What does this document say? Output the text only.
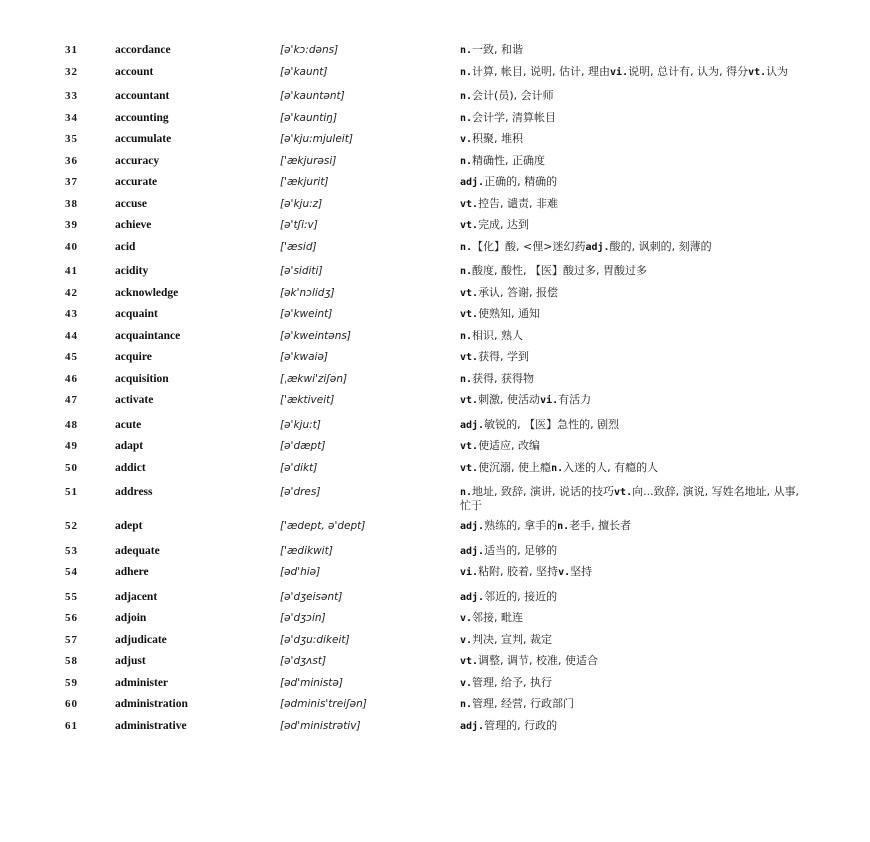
31	accordance	[ə'kɔ:dəns]	n.一致, 和谐
32	account	[ə'kaunt]	n.计算, 帐目, 说明, 估计, 理由vi.说明, 总计有, 认为, 得分vt.认为
33	accountant	[ə'kauntənt]	n.会计(员), 会计师
34	accounting	[ə'kauntiŋ]	n.会计学, 清算帐目
35	accumulate	[ə'kju:mjuleit]	v.积聚, 堆积
36	accuracy	['ækjurəsi]	n.精确性, 正确度
37	accurate	['ækjurit]	adj.正确的, 精确的
38	accuse	[ə'kju:z]	vt.控告, 谴责, 非难
39	achieve	[ə'tʃi:v]	vt.完成, 达到
40	acid	['æsid]	n.【化】酸, <俚>迷幻药adj.酸的, 讽刺的, 刻薄的
41	acidity	[ə'siditi]	n.酸度, 酸性, 【医】酸过多, 胃酸过多
42	acknowledge	[ək'nɔlidʒ]	vt.承认, 答谢, 报偿
43	acquaint	[ə'kweint]	vt.使熟知, 通知
44	acquaintance	[ə'kweintəns]	n.相识, 熟人
45	acquire	[ə'kwaiə]	vt.获得, 学到
46	acquisition	[ˌækwi'ziʃən]	n.获得, 获得物
47	activate	['æktiveit]	vt.刺激, 使活动vi.有活力
48	acute	[ə'kju:t]	adj.敏锐的, 【医】急性的, 剧烈
49	adapt	[ə'dæpt]	vt.使适应, 改编
50	addict	[ə'dikt]	vt.使沉溺, 使上瘾n.入迷的人, 有瘾的人
51	address	[ə'dres]	n.地址, 致辞, 演讲, 说话的技巧vt.向...致辞, 演说, 写姓名地址, 从事, 忙于
52	adept	['ædept, ə'dept]	adj.熟练的, 拿手的n.老手, 擅长者
53	adequate	['ædikwit]	adj.适当的, 足够的
54	adhere	[əd'hiə]	vi.粘附, 胶着, 坚持v.坚持
55	adjacent	[ə'dʒeisənt]	adj.邻近的, 接近的
56	adjoin	[ə'dʒɔin]	v.邻接, 毗连
57	adjudicate	[ə'dʒu:dikeit]	v.判决, 宣判, 裁定
58	adjust	[ə'dʒʌst]	vt.调整, 调节, 校准, 使适合
59	administer	[əd'ministə]	v.管理, 给予, 执行
60	administration	[ədminis'treiʃən]	n.管理, 经营, 行政部门
61	administrative	[əd'ministrətiv]	adj.管理的, 行政的
